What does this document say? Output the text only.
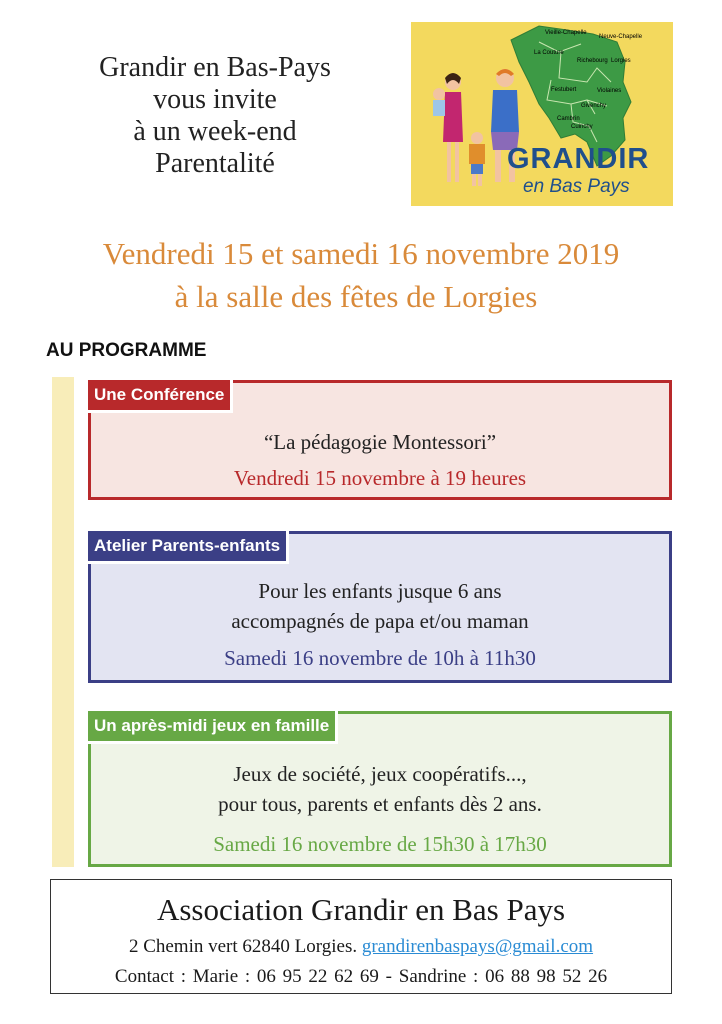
Grandir en Bas-Pays
vous invite
à un week-end
Parentalité
Vieille-Chapelle
Neuve-Chapelle
La Couture
Richebourg Lorgies
Festubert	Violaines
Givenchy
Cambrin
Cuinchy
GRANDIR
en Bas Pays
Vendredi 15 et samedi 16 novembre 2019
à la salle des fêtes de Lorgies
AU PROGRAMME
Une Conférence
“La pédagogie Montessori”
Vendredi 15 novembre à 19 heures
Atelier Parents-enfants
Pour les enfants jusque 6 ans
accompagnés de papa et/ou maman
Samedi 16 novembre de 10h à 11h30
Un après-midi jeux en famille
Jeux de société, jeux coopératifs...,
pour tous, parents et enfants dès 2 ans.
Samedi 16 novembre de 15h30 à 17h30
Association Grandir en Bas Pays
2 Chemin vert 62840 Lorgies. grandirenbaspays@gmail.com
Contact : Marie : 06 95 22 62 69 - Sandrine : 06 88 98 52 26
